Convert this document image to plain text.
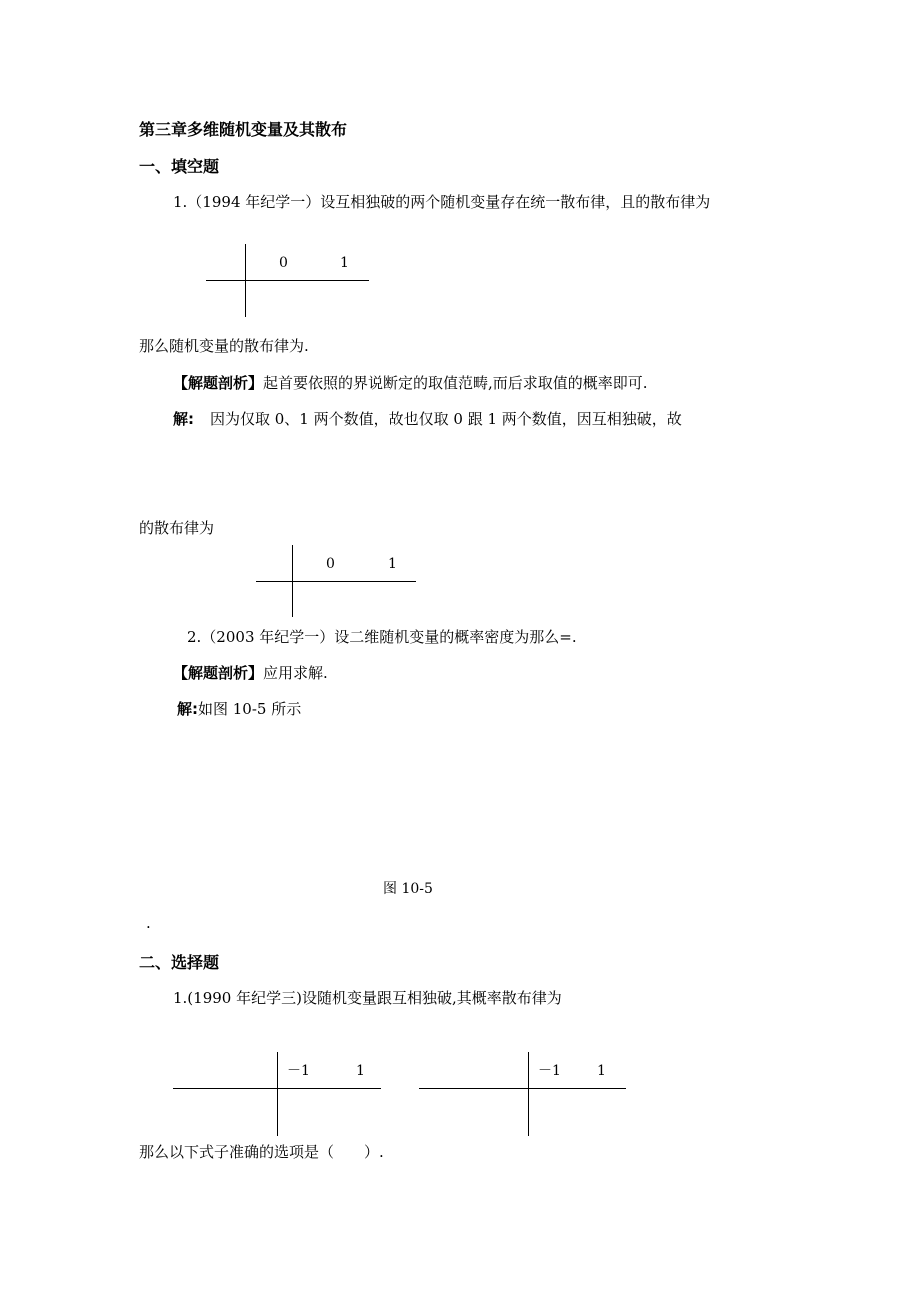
第三章多维随机变量及其散布
一、填空题
1.（1994 年纪学一）设互相独破的两个随机变量存在统一散布律，且的散布律为
0	1
那么随机变量的散布律为.
【解题剖析】起首要依照的界说断定的取值范畴,而后求取值的概率即可.
解: 因为仅取 0、1 两个数值，故也仅取 0 跟 1 两个数值，因互相独破，故
的散布律为
0	1
2.（2003 年纪学一）设二维随机变量的概率密度为那么=.
【解题剖析】应用求解.
解:如图 10-5 所示
图 10-5
.
二、选择题
1.(1990 年纪学三)设随机变量跟互相独破,其概率散布律为
－1	1	－1	1
那么以下式子准确的选项是（　　）.
